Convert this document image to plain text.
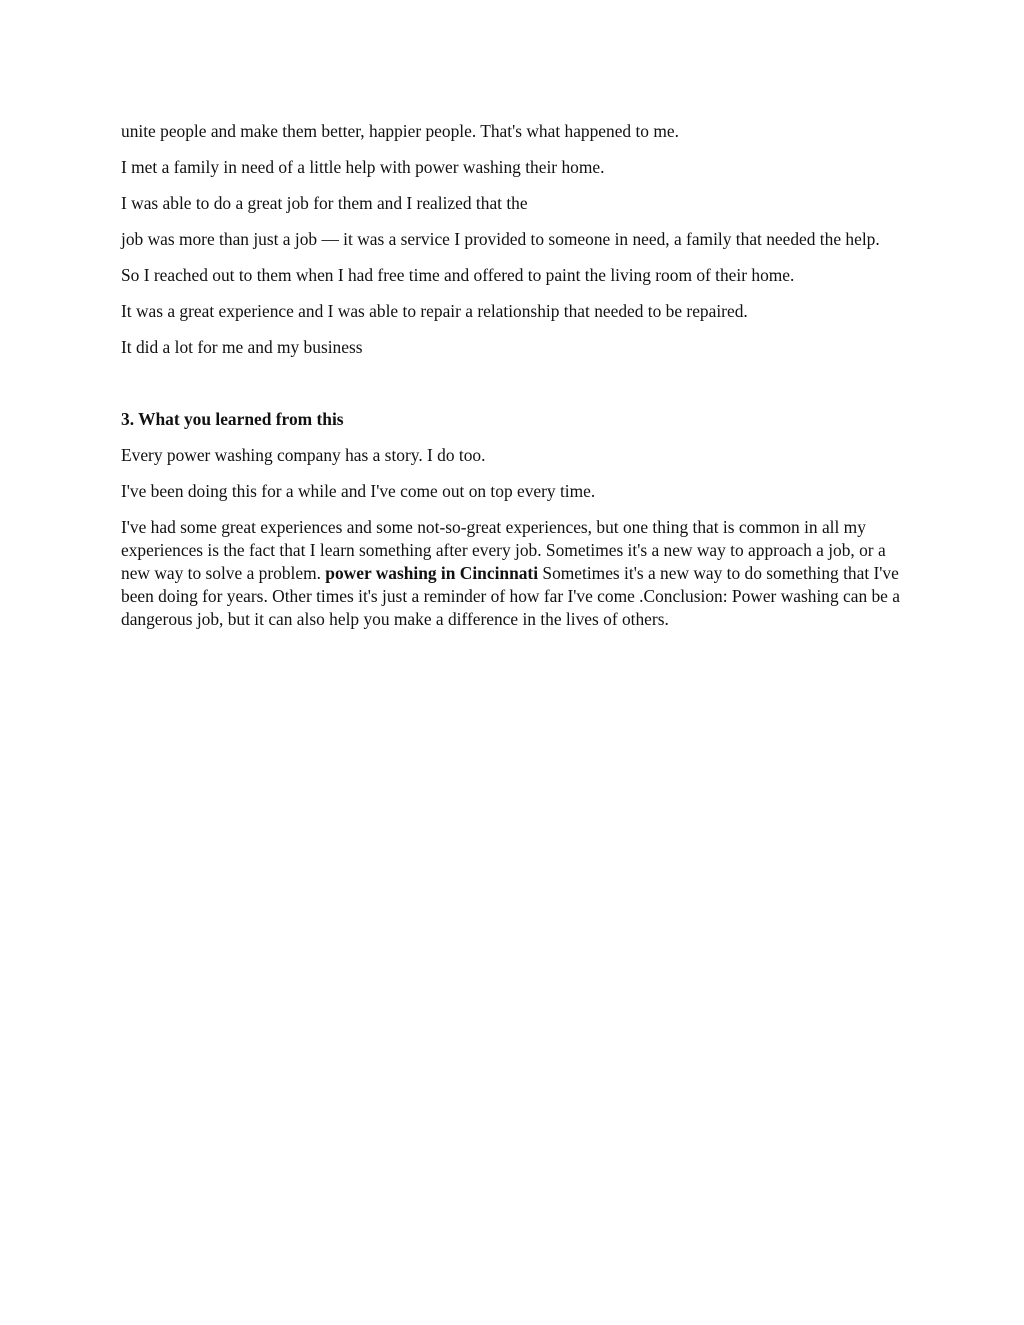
unite people and make them better, happier people. That's what happened to me.

I met a family in need of a little help with power washing their home.

I was able to do a great job for them and I realized that the

job was more than just a job — it was a service I provided to someone in need, a family that needed the help.

So I reached out to them when I had free time and offered to paint the living room of their home.

It was a great experience and I was able to repair a relationship that needed to be repaired.

It did a lot for me and my business

3. What you learned from this

Every power washing company has a story. I do too.

I've been doing this for a while and I've come out on top every time.

I've had some great experiences and some not-so-great experiences, but one thing that is common in all my experiences is the fact that I learn something after every job. Sometimes it's a new way to approach a job, or a new way to solve a problem. power washing in Cincinnati Sometimes it's a new way to do something that I've been doing for years. Other times it's just a reminder of how far I've come .Conclusion: Power washing can be a dangerous job, but it can also help you make a difference in the lives of others.
